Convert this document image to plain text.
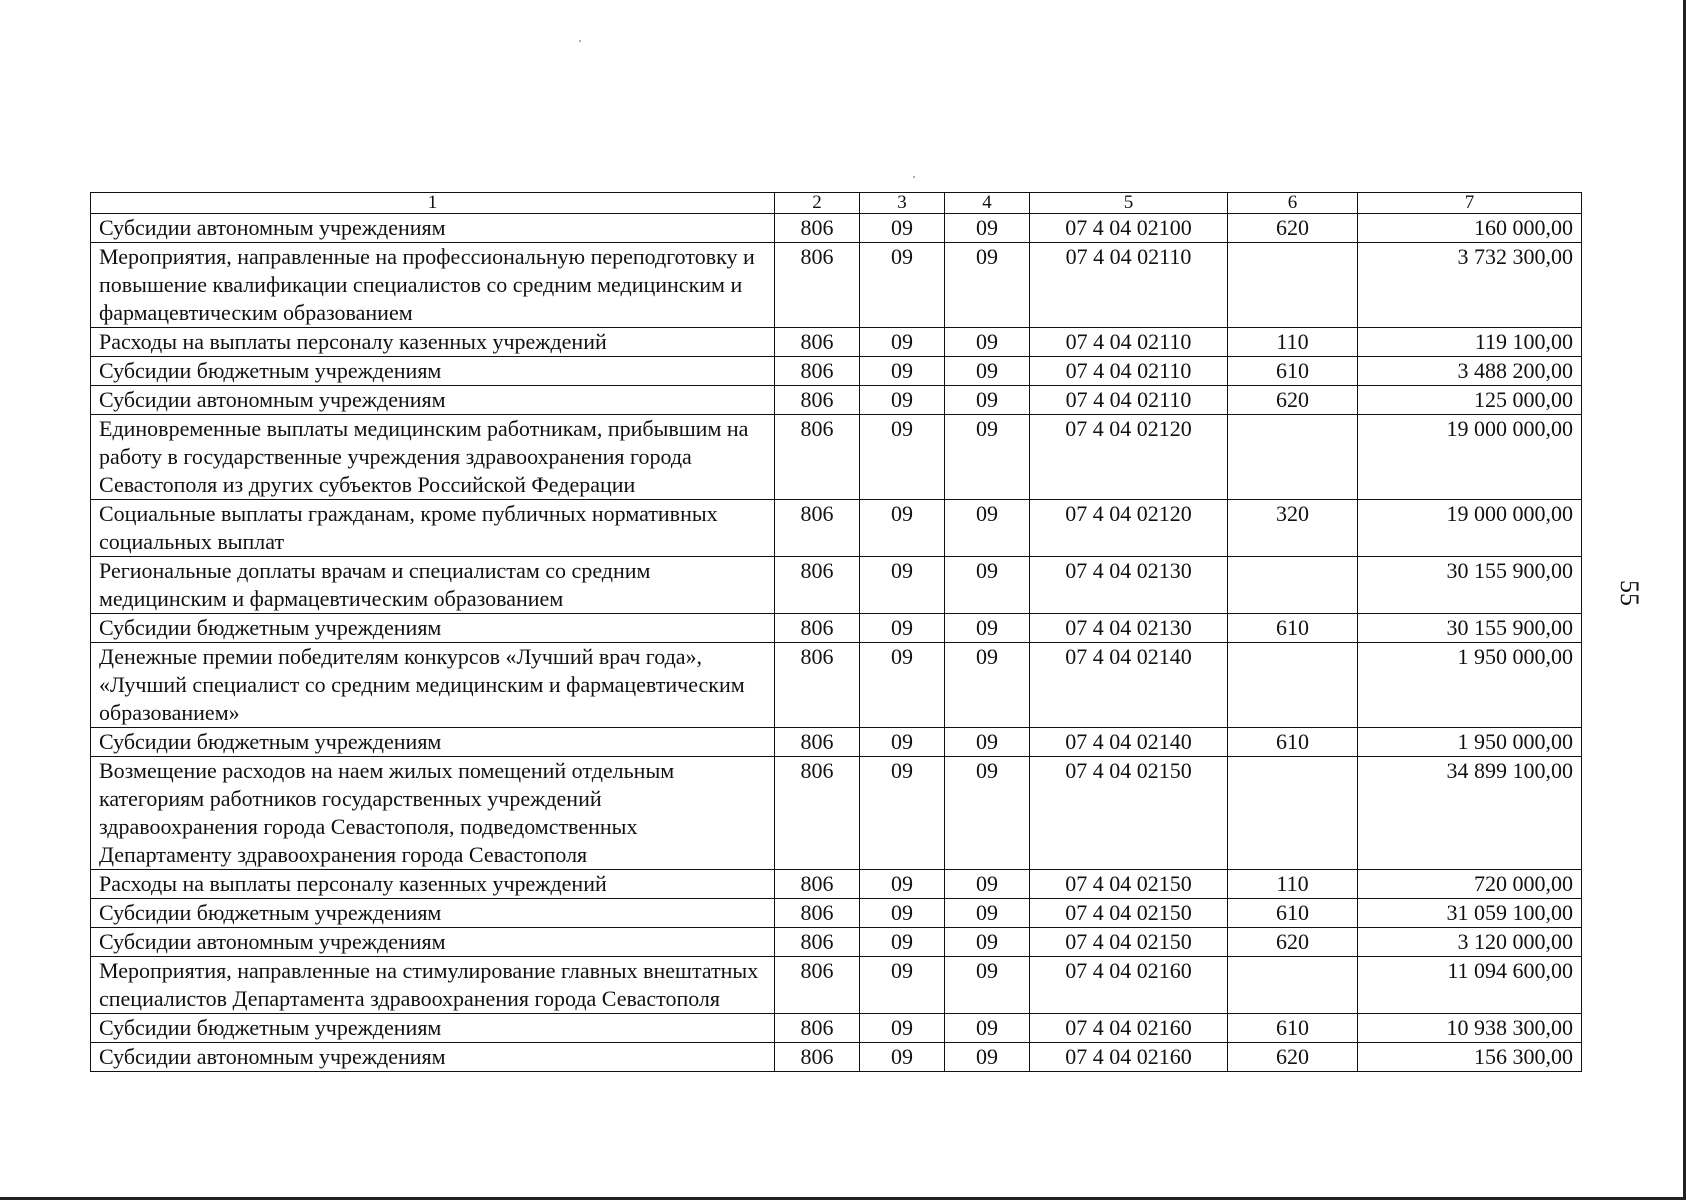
1	2	3	4	5	6	7
Субсидии автономным учреждениям	806	09	09	07 4 04 02100	620	160 000,00
Мероприятия, направленные на профессиональную переподготовку и повышение квалификации специалистов со средним медицинским и фармацевтическим образованием	806	09	09	07 4 04 02110		3 732 300,00
Расходы на выплаты персоналу казенных учреждений	806	09	09	07 4 04 02110	110	119 100,00
Субсидии бюджетным учреждениям	806	09	09	07 4 04 02110	610	3 488 200,00
Субсидии автономным учреждениям	806	09	09	07 4 04 02110	620	125 000,00
Единовременные выплаты медицинским работникам, прибывшим на работу в государственные учреждения здравоохранения города Севастополя из других субъектов Российской Федерации	806	09	09	07 4 04 02120		19 000 000,00
Социальные выплаты гражданам, кроме публичных нормативных социальных выплат	806	09	09	07 4 04 02120	320	19 000 000,00
Региональные доплаты врачам и специалистам со средним медицинским и фармацевтическим образованием	806	09	09	07 4 04 02130		30 155 900,00
Субсидии бюджетным учреждениям	806	09	09	07 4 04 02130	610	30 155 900,00
Денежные премии победителям конкурсов «Лучший врач года», «Лучший специалист со средним медицинским и фармацевтическим образованием»	806	09	09	07 4 04 02140		1 950 000,00
Субсидии бюджетным учреждениям	806	09	09	07 4 04 02140	610	1 950 000,00
Возмещение расходов на наем жилых помещений отдельным категориям работников государственных учреждений здравоохранения города Севастополя, подведомственных Департаменту здравоохранения города Севастополя	806	09	09	07 4 04 02150		34 899 100,00
Расходы на выплаты персоналу казенных учреждений	806	09	09	07 4 04 02150	110	720 000,00
Субсидии бюджетным учреждениям	806	09	09	07 4 04 02150	610	31 059 100,00
Субсидии автономным учреждениям	806	09	09	07 4 04 02150	620	3 120 000,00
Мероприятия, направленные на стимулирование главных внештатных специалистов Департамента здравоохранения города Севастополя	806	09	09	07 4 04 02160		11 094 600,00
Субсидии бюджетным учреждениям	806	09	09	07 4 04 02160	610	10 938 300,00
Субсидии автономным учреждениям	806	09	09	07 4 04 02160	620	156 300,00
55
